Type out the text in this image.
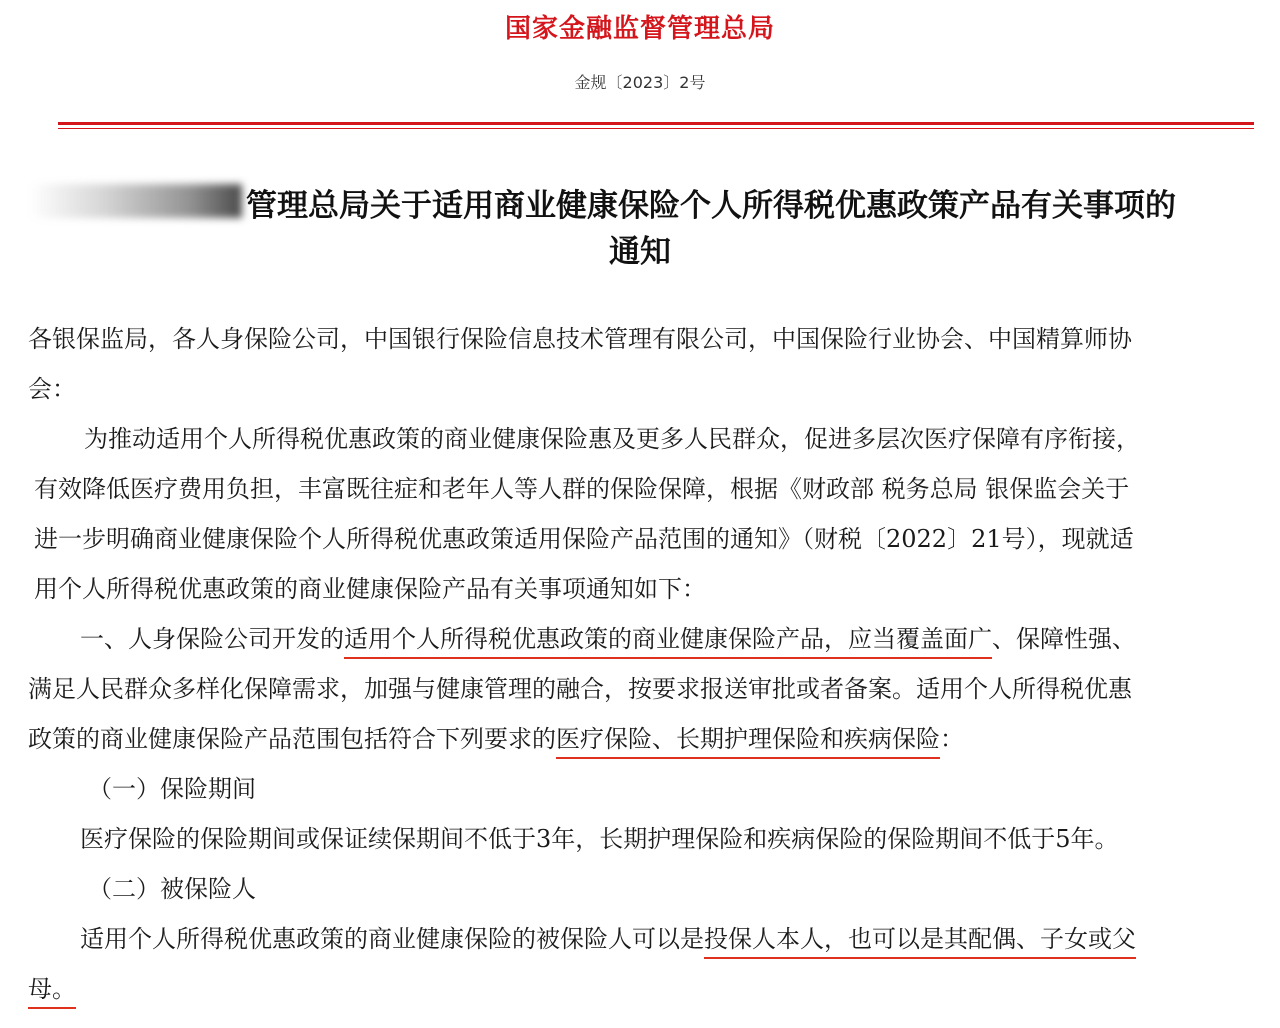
国家金融监督管理总局
金规〔2023〕2号
管理总局关于适用商业健康保险个人所得税优惠政策产品有关事项的
通知
各银保监局，各人身保险公司，中国银行保险信息技术管理有限公司，中国保险行业协会、中国精算师协
会：
为推动适用个人所得税优惠政策的商业健康保险惠及更多人民群众，促进多层次医疗保障有序衔接，
有效降低医疗费用负担，丰富既往症和老年人等人群的保险保障，根据《财政部 税务总局 银保监会关于
进一步明确商业健康保险个人所得税优惠政策适用保险产品范围的通知》（财税〔2022〕21号），现就适
用个人所得税优惠政策的商业健康保险产品有关事项通知如下：
一、人身保险公司开发的适用个人所得税优惠政策的商业健康保险产品，应当覆盖面广、保障性强、
满足人民群众多样化保障需求，加强与健康管理的融合，按要求报送审批或者备案。适用个人所得税优惠
政策的商业健康保险产品范围包括符合下列要求的医疗保险、长期护理保险和疾病保险：
（一）保险期间
医疗保险的保险期间或保证续保期间不低于3年，长期护理保险和疾病保险的保险期间不低于5年。
（二）被保险人
适用个人所得税优惠政策的商业健康保险的被保险人可以是投保人本人，也可以是其配偶、子女或父
母。
